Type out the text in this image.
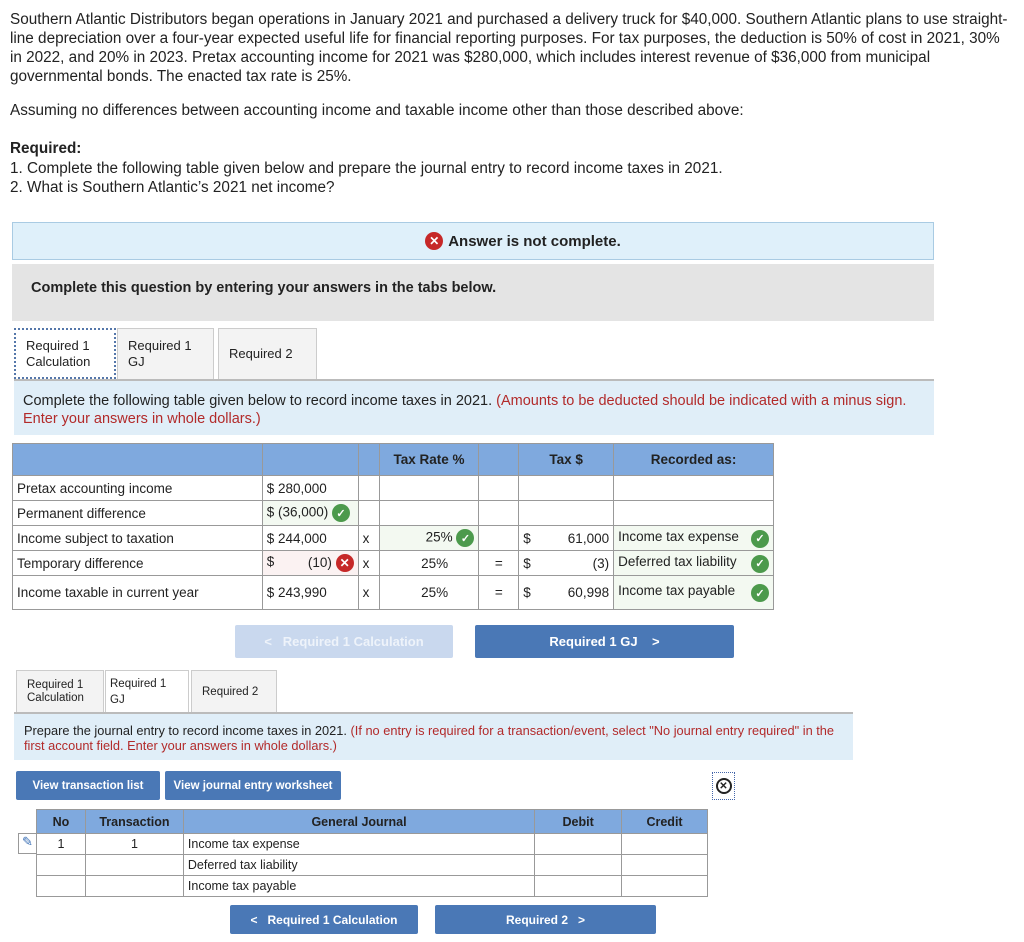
Southern Atlantic Distributors began operations in January 2021 and purchased a delivery truck for $40,000. Southern Atlantic plans to use straight-line depreciation over a four-year expected useful life for financial reporting purposes. For tax purposes, the deduction is 50% of cost in 2021, 30% in 2022, and 20% in 2023. Pretax accounting income for 2021 was $280,000, which includes interest revenue of $36,000 from municipal governmental bonds. The enacted tax rate is 25%.
Assuming no differences between accounting income and taxable income other than those described above:
Required:
1. Complete the following table given below and prepare the journal entry to record income taxes in 2021.
2. What is Southern Atlantic’s 2021 net income?
✕ Answer is not complete.
Complete this question by entering your answers in the tabs below.
Required 1 Calculation
Required 1 GJ
Required 2
Complete the following table given below to record income taxes in 2021. (Amounts to be deducted should be indicated with a minus sign. Enter your answers in whole dollars.)
			Tax Rate %		Tax $	Recorded as:
Pretax accounting income	$ 280,000					
Permanent difference	$ (36,000) ✓					
Income subject to taxation	$ 244,000	x	25% ✓		$ 61,000	Income tax expense ✓

Temporary difference	$ (10) ✕	x	25%	=	$ (3)	Deferred tax liability ✓

Income taxable in current year	$ 243,990	x	25%	=	$ 60,998	Income tax payable ✓
< Required 1 Calculation	Required 1 GJ >
Required 1 Calculation
Required 1 GJ
Required 2
Prepare the journal entry to record income taxes in 2021. (If no entry is required for a transaction/event, select "No journal entry required" in the first account field. Enter your answers in whole dollars.)
View transaction list	View journal entry worksheet	✕
✎
No	Transaction	General Journal	Debit	Credit
1	1	Income tax expense		
		Deferred tax liability		
		Income tax payable		
< Required 1 Calculation	Required 2 >
